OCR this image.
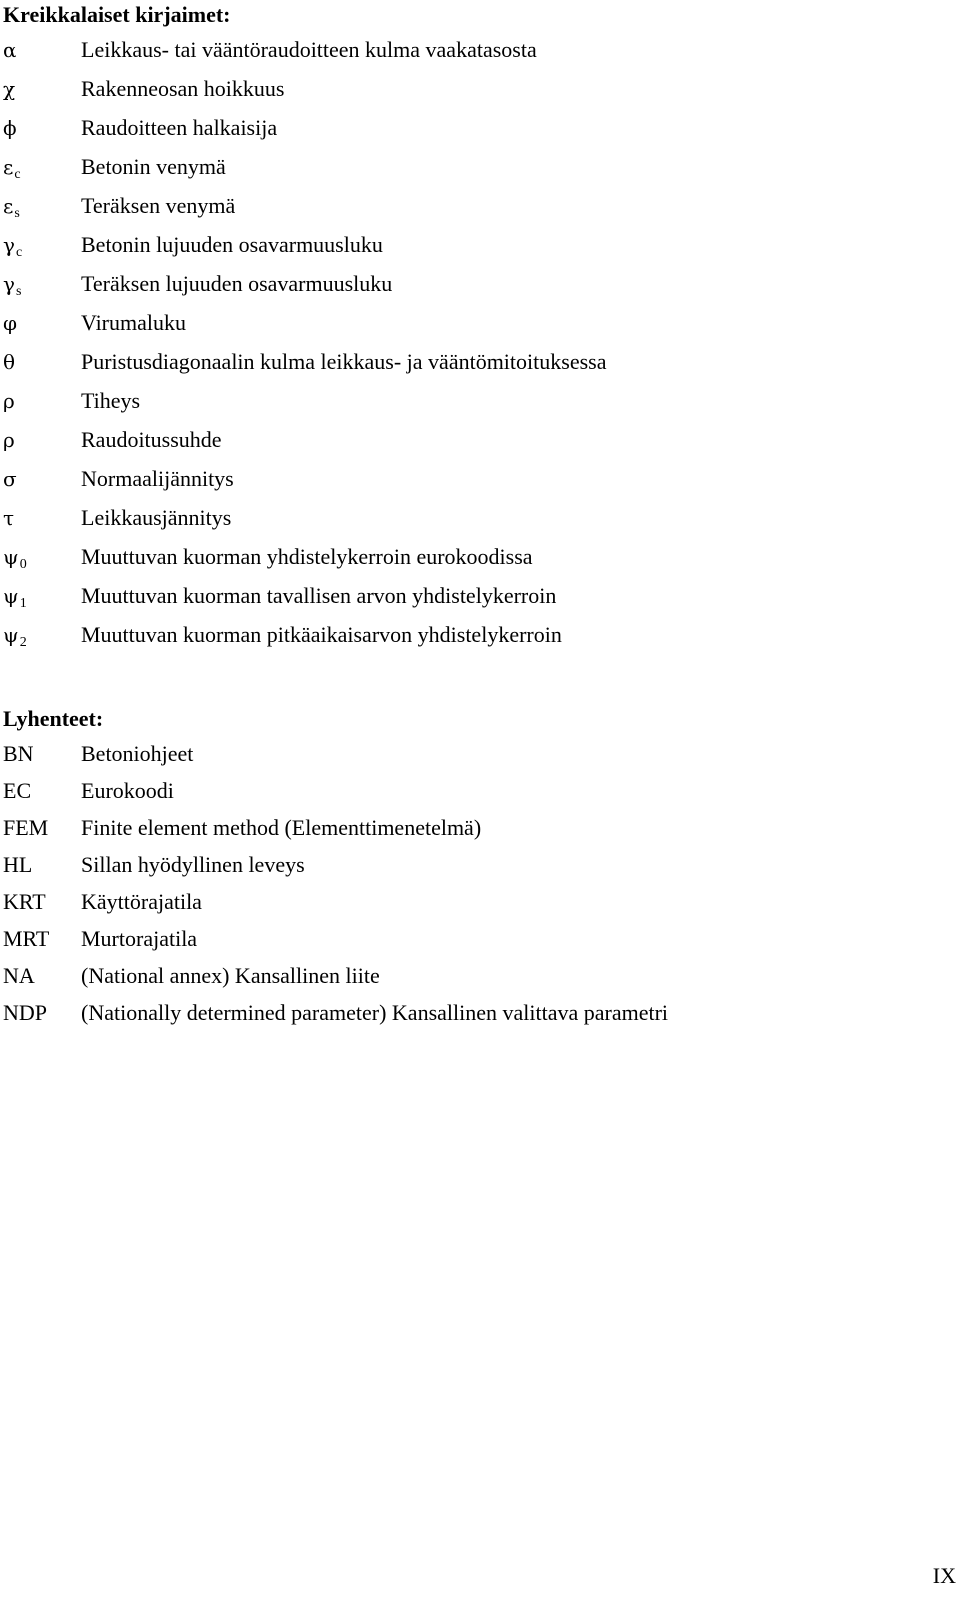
Kreikkalaiset kirjaimet:
α	Leikkaus- tai vääntöraudoitteen kulma vaakatasosta
χ	Rakenneosan hoikkuus
ϕ	Raudoitteen halkaisija
$\varepsilon_c$	Betonin venymä
$\varepsilon_s$	Teräksen venymä
$\gamma_c$	Betonin lujuuden osavarmuusluku
$\gamma_s$	Teräksen lujuuden osavarmuusluku
φ	Virumaluku
θ	Puristusdiagonaalin kulma leikkaus- ja vääntömitoituksessa
ρ	Tiheys
ρ	Raudoitussuhde
σ	Normaalijännitys
τ	Leikkausjännitys
$\psi_0$ Muuttuvan kuorman yhdistelykerroin eurokoodissa
$\psi_1$ Muuttuvan kuorman tavallisen arvon yhdistelykerroin
$\psi_2$ Muuttuvan kuorman pitkäaikaisarvon yhdistelykerroin
Lyhenteet:
BN Betoniohjeet
EC Eurokoodi
FEM Finite element method (Elementtimenetelmä)
HL Sillan hyödyllinen leveys
KRT Käyttörajatila
MRT Murtorajatila
NA (National annex) Kansallinen liite
NDP (Nationally determined parameter) Kansallinen valittava parametri
IX
